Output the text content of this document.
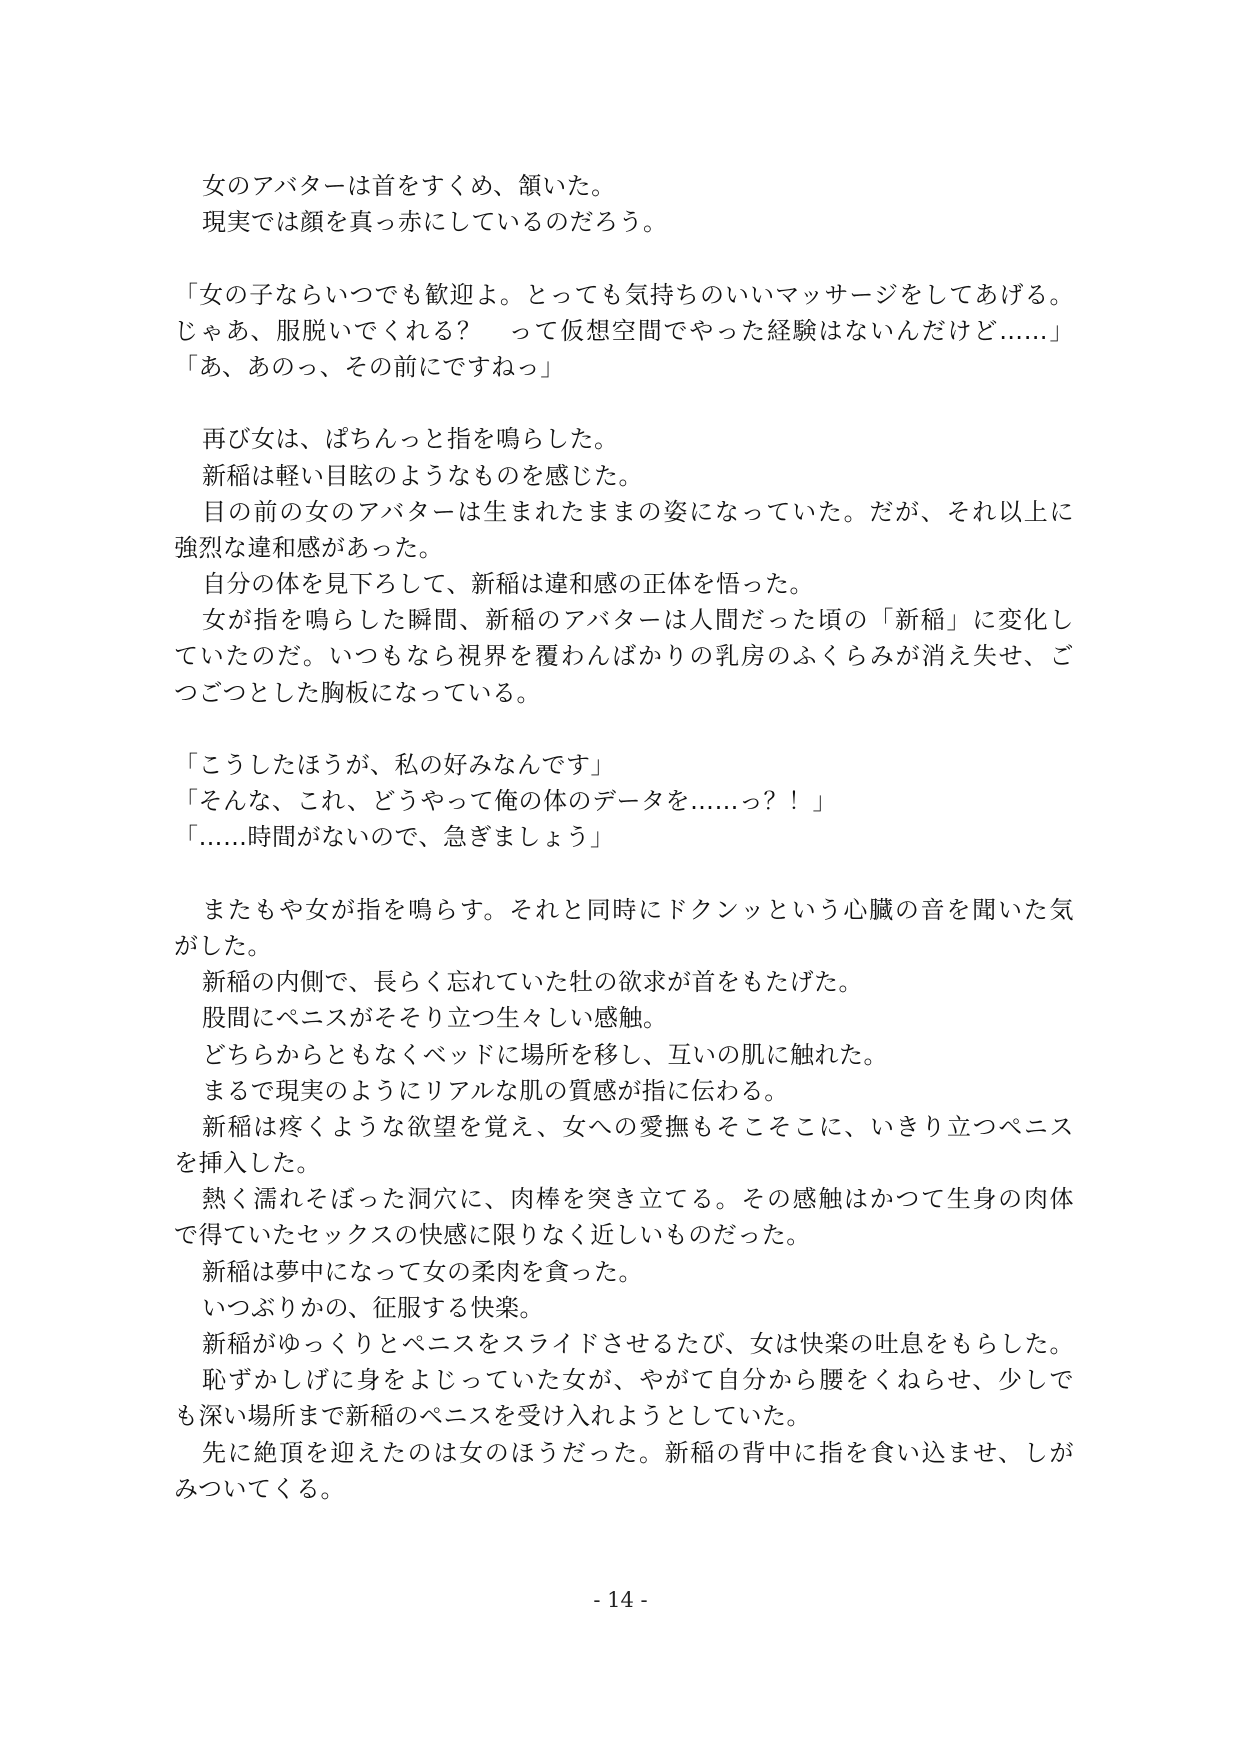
女のアバターは首をすくめ、頷いた。
現実では顔を真っ赤にしているのだろう。
「女の子ならいつでも歓迎よ。とっても気持ちのいいマッサージをしてあげる。
じゃあ、服脱いでくれる？　って仮想空間でやった経験はないんだけど……」
「あ、あのっ、その前にですねっ」
再び女は、ぱちんっと指を鳴らした。
新稲は軽い目眩のようなものを感じた。
目の前の女のアバターは生まれたままの姿になっていた。だが、それ以上に
強烈な違和感があった。
自分の体を見下ろして、新稲は違和感の正体を悟った。
女が指を鳴らした瞬間、新稲のアバターは人間だった頃の「新稲」に変化し
ていたのだ。いつもなら視界を覆わんばかりの乳房のふくらみが消え失せ、ご
つごつとした胸板になっている。
「こうしたほうが、私の好みなんです」
「そんな、これ、どうやって俺の体のデータを……っ？！」
「……時間がないので、急ぎましょう」
またもや女が指を鳴らす。それと同時にドクンッという心臓の音を聞いた気
がした。
新稲の内側で、長らく忘れていた牡の欲求が首をもたげた。
股間にペニスがそそり立つ生々しい感触。
どちらからともなくベッドに場所を移し、互いの肌に触れた。
まるで現実のようにリアルな肌の質感が指に伝わる。
新稲は疼くような欲望を覚え、女への愛撫もそこそこに、いきり立つペニス
を挿入した。
熱く濡れそぼった洞穴に、肉棒を突き立てる。その感触はかつて生身の肉体
で得ていたセックスの快感に限りなく近しいものだった。
新稲は夢中になって女の柔肉を貪った。
いつぶりかの、征服する快楽。
新稲がゆっくりとペニスをスライドさせるたび、女は快楽の吐息をもらした。
恥ずかしげに身をよじっていた女が、やがて自分から腰をくねらせ、少しで
も深い場所まで新稲のペニスを受け入れようとしていた。
先に絶頂を迎えたのは女のほうだった。新稲の背中に指を食い込ませ、しが
みついてくる。
- 14 -
